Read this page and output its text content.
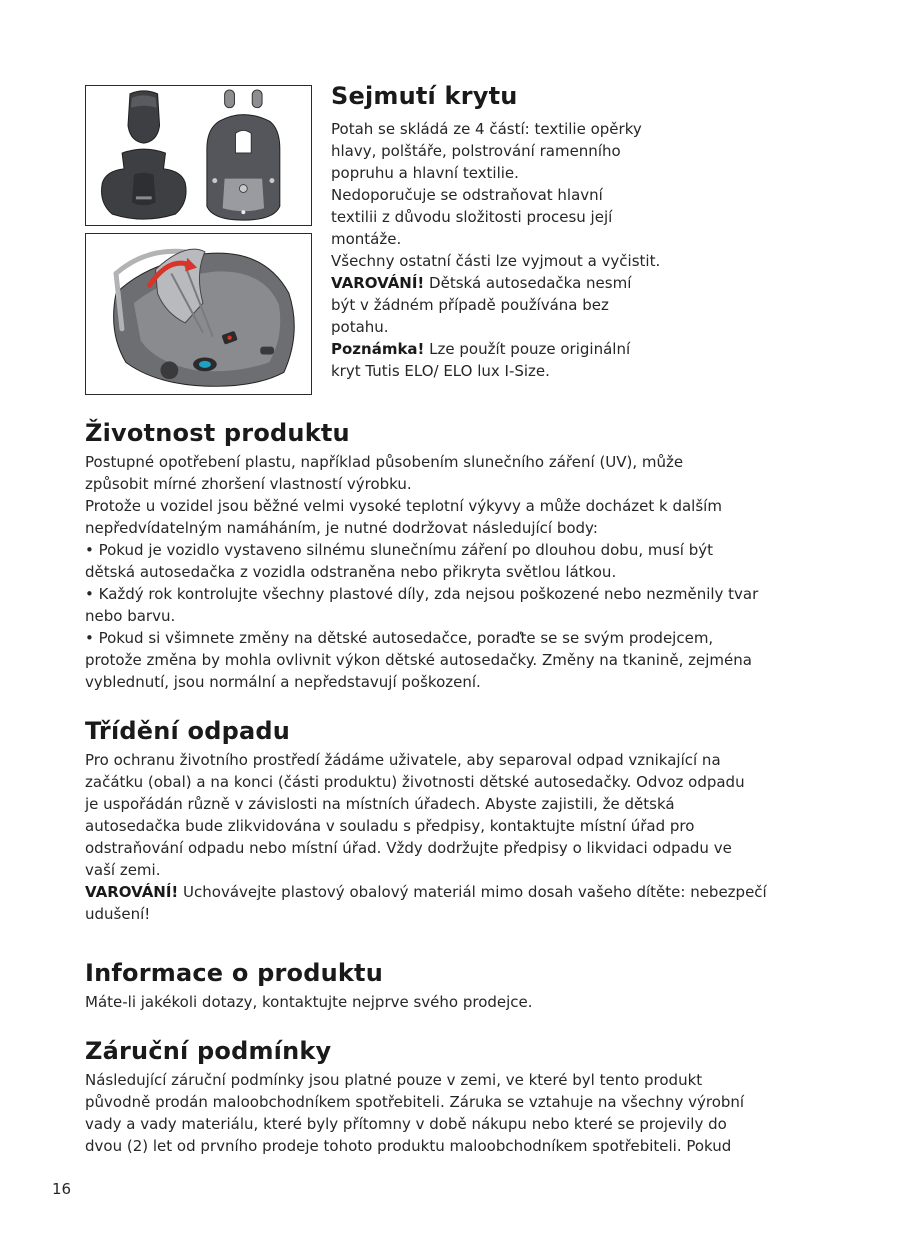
Sejmutí krytu

Potah se skládá ze 4 částí: textilie opěrky
hlavy, polštáře, polstrování ramenního
popruhu a hlavní textilie.
Nedoporučuje se odstraňovat hlavní
textilii z důvodu složitosti procesu její
montáže.
Všechny ostatní části lze vyjmout a vyčistit.
VAROVÁNÍ! Dětská autosedačka nesmí
být v žádném případě používána bez
potahu.
Poznámka! Lze použít pouze originální
kryt Tutis ELO/ ELO lux I-Size.

Životnost produktu

Postupné opotřebení plastu, například působením slunečního záření (UV), může
způsobit mírné zhoršení vlastností výrobku.
Protože u vozidel jsou běžné velmi vysoké teplotní výkyvy a může docházet k dalším
nepředvídatelným namáháním, je nutné dodržovat následující body:
• Pokud je vozidlo vystaveno silnému slunečnímu záření po dlouhou dobu, musí být
dětská autosedačka z vozidla odstraněna nebo přikryta světlou látkou.
• Každý rok kontrolujte všechny plastové díly, zda nejsou poškozené nebo nezměnily tvar
nebo barvu.
• Pokud si všimnete změny na dětské autosedačce, poraďte se se svým prodejcem,
protože změna by mohla ovlivnit výkon dětské autosedačky. Změny na tkanině, zejména
vyblednutí, jsou normální a nepředstavují poškození.

Třídění odpadu

Pro ochranu životního prostředí žádáme uživatele, aby separoval odpad vznikající na
začátku (obal) a na konci (části produktu) životnosti dětské autosedačky. Odvoz odpadu
je uspořádán různě v závislosti na místních úřadech. Abyste zajistili, že dětská
autosedačka bude zlikvidována v souladu s předpisy, kontaktujte místní úřad pro
odstraňování odpadu nebo místní úřad. Vždy dodržujte předpisy o likvidaci odpadu ve
vaší zemi.
VAROVÁNÍ! Uchovávejte plastový obalový materiál mimo dosah vašeho dítěte: nebezpečí
udušení!

Informace o produktu

Máte-li jakékoli dotazy, kontaktujte nejprve svého prodejce.

Záruční podmínky

Následující záruční podmínky jsou platné pouze v zemi, ve které byl tento produkt
původně prodán maloobchodníkem spotřebiteli. Záruka se vztahuje na všechny výrobní
vady a vady materiálu, které byly přítomny v době nákupu nebo které se projevily do
dvou (2) let od prvního prodeje tohoto produktu maloobchodníkem spotřebiteli. Pokud

16
